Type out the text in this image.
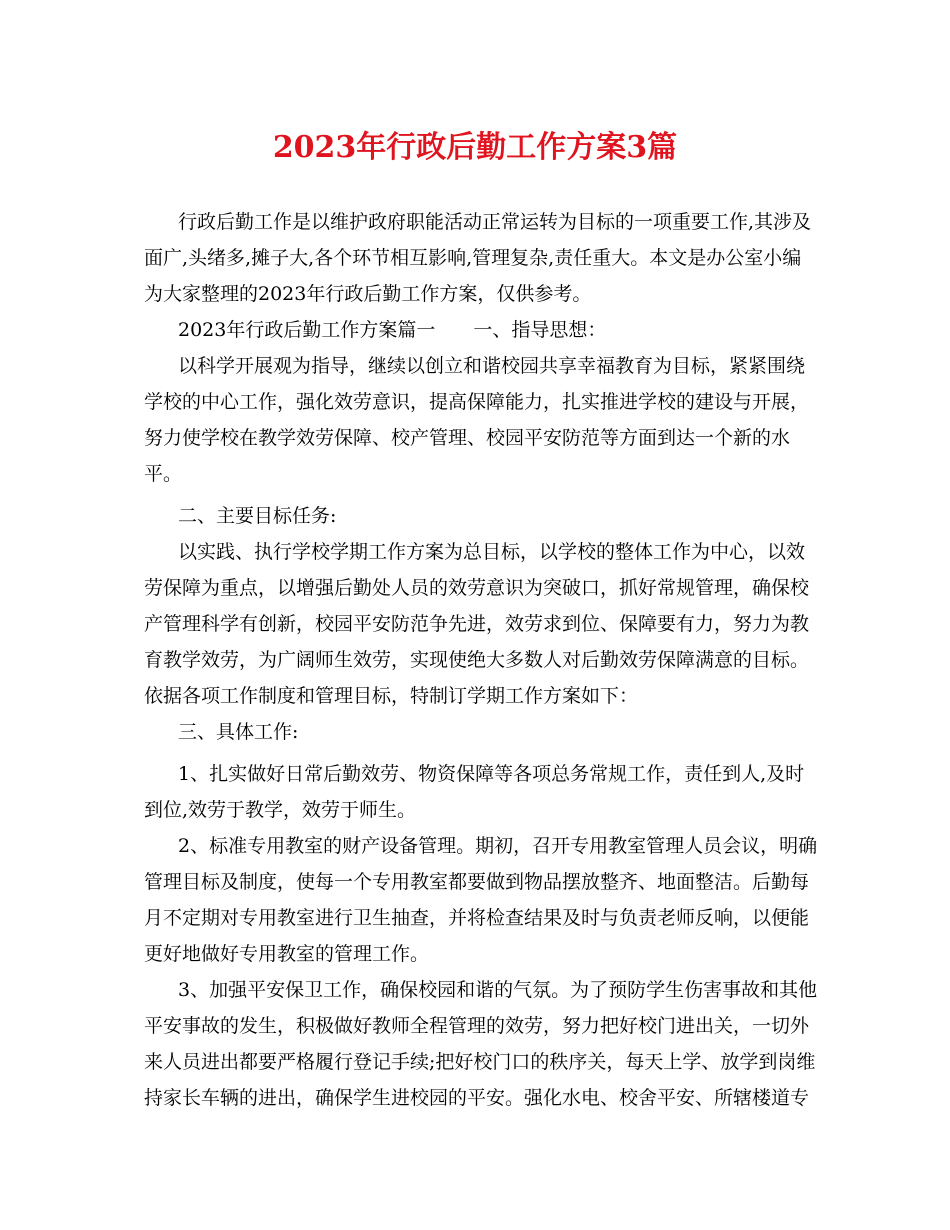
2023年行政后勤工作方案3篇

行政后勤工作是以维护政府职能活动正常运转为目标的一项重要工作,其涉及

面广,头绪多,摊子大,各个环节相互影响,管理复杂,责任重大。本文是办公室小编

为大家整理的2023年行政后勤工作方案，仅供参考。

2023年行政后勤工作方案篇一　　一、指导思想：

以科学开展观为指导，继续以创立和谐校园共享幸福教育为目标，紧紧围绕

学校的中心工作，强化效劳意识，提高保障能力，扎实推进学校的建设与开展，

努力使学校在教学效劳保障、校产管理、校园平安防范等方面到达一个新的水

平。

二、主要目标任务:

以实践、执行学校学期工作方案为总目标，以学校的整体工作为中心，以效

劳保障为重点，以增强后勤处人员的效劳意识为突破口，抓好常规管理，确保校

产管理科学有创新，校园平安防范争先进，效劳求到位、保障要有力，努力为教

育教学效劳，为广阔师生效劳，实现使绝大多数人对后勤效劳保障满意的目标。

依据各项工作制度和管理目标，特制订学期工作方案如下：

三、具体工作:

1、扎实做好日常后勤效劳、物资保障等各项总务常规工作，责任到人,及时

到位,效劳于教学，效劳于师生。

2、标准专用教室的财产设备管理。期初，召开专用教室管理人员会议，明确

管理目标及制度，使每一个专用教室都要做到物品摆放整齐、地面整洁。后勤每

月不定期对专用教室进行卫生抽查，并将检查结果及时与负责老师反响，以便能

更好地做好专用教室的管理工作。

3、加强平安保卫工作，确保校园和谐的气氛。为了预防学生伤害事故和其他

平安事故的发生，积极做好教师全程管理的效劳，努力把好校门进出关，一切外

来人员进出都要严格履行登记手续;把好校门口的秩序关，每天上学、放学到岗维

持家长车辆的进出，确保学生进校园的平安。强化水电、校舍平安、所辖楼道专
